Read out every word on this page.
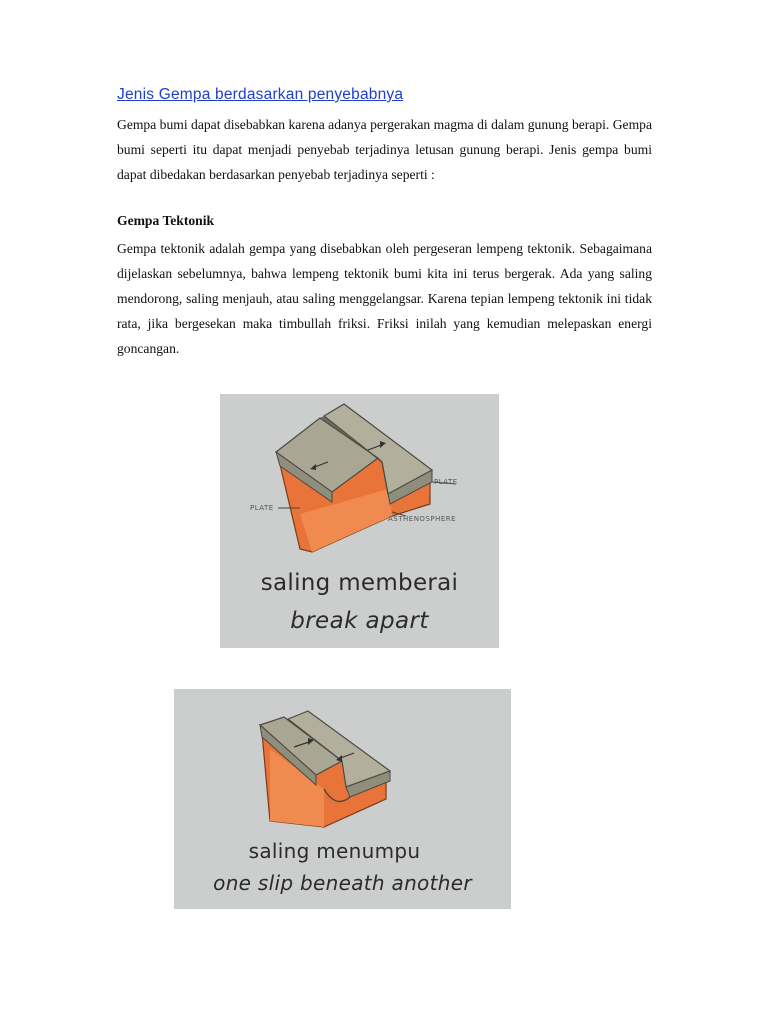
Jenis Gempa berdasarkan penyebabnya
Gempa bumi dapat disebabkan karena adanya pergerakan magma di dalam gunung berapi. Gempa bumi seperti itu dapat menjadi penyebab terjadinya letusan gunung berapi. Jenis gempa bumi dapat dibedakan berdasarkan penyebab terjadinya seperti :
Gempa Tektonik
Gempa tektonik adalah gempa yang disebabkan oleh pergeseran lempeng tektonik. Sebagaimana dijelaskan sebelumnya, bahwa lempeng tektonik bumi kita ini terus bergerak. Ada yang saling mendorong, saling menjauh, atau saling menggelangsar. Karena tepian lempeng tektonik ini tidak rata, jika bergesekan maka timbullah friksi. Friksi inilah yang kemudian melepaskan energi goncangan.
PLATE
PLATE
ASTHENOSPHERE
saling memberai
break apart
saling menumpu
one slip beneath another
